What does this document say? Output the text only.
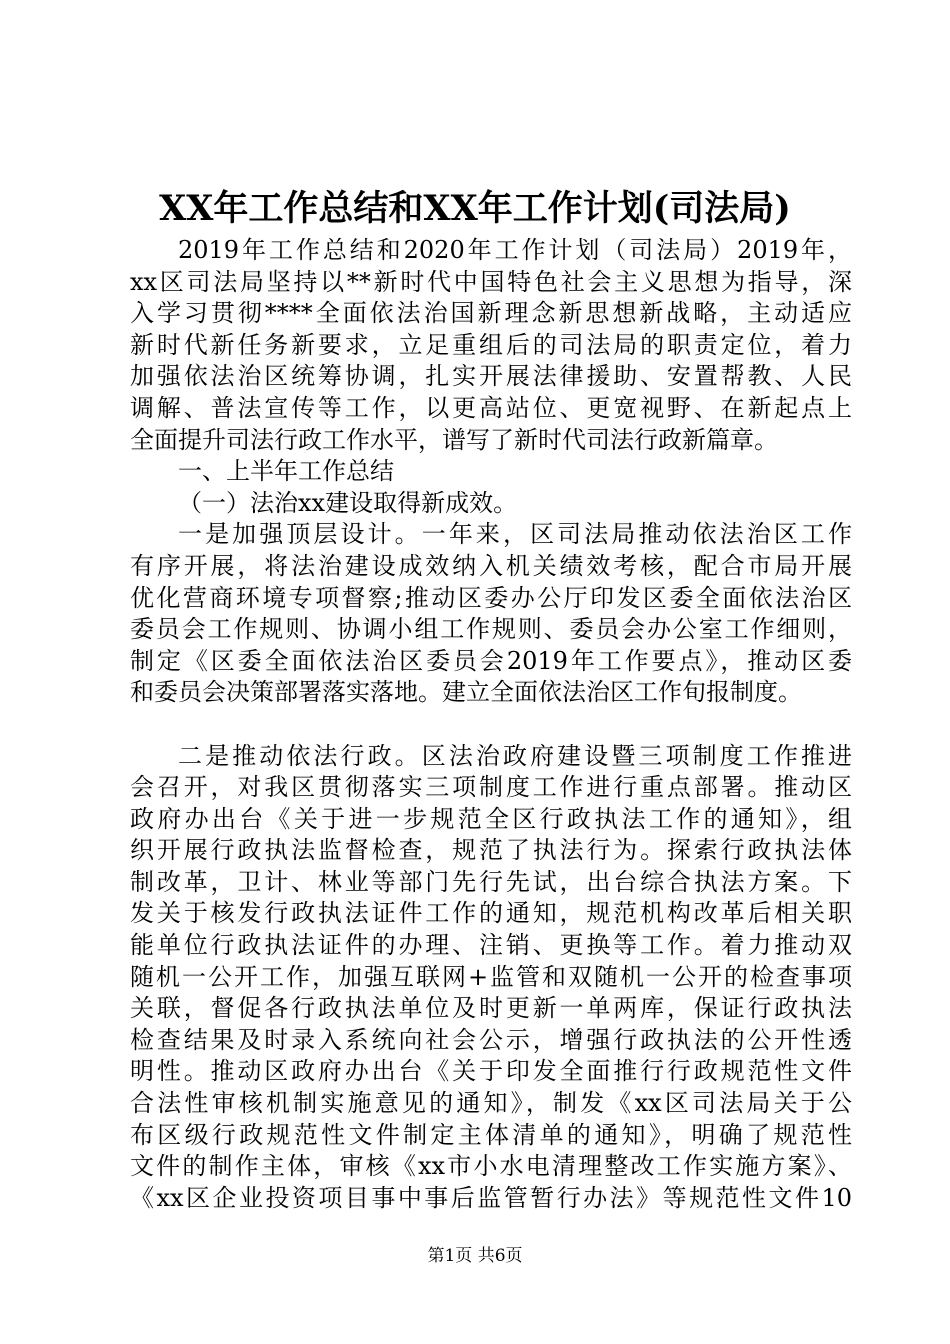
XX年工作总结和XX年工作计划(司法局)
2019年工作总结和2020年工作计划（司法局）2019年，
xx区司法局坚持以**新时代中国特色社会主义思想为指导，深
入学习贯彻****全面依法治国新理念新思想新战略，主动适应
新时代新任务新要求，立足重组后的司法局的职责定位，着力
加强依法治区统筹协调，扎实开展法律援助、安置帮教、人民
调解、普法宣传等工作，以更高站位、更宽视野、在新起点上
全面提升司法行政工作水平，谱写了新时代司法行政新篇章。
一、上半年工作总结
（一）法治xx建设取得新成效。
一是加强顶层设计。一年来，区司法局推动依法治区工作
有序开展，将法治建设成效纳入机关绩效考核，配合市局开展
优化营商环境专项督察;推动区委办公厅印发区委全面依法治区
委员会工作规则、协调小组工作规则、委员会办公室工作细则，
制定《区委全面依法治区委员会2019年工作要点》，推动区委
和委员会决策部署落实落地。建立全面依法治区工作旬报制度。
二是推动依法行政。区法治政府建设暨三项制度工作推进
会召开，对我区贯彻落实三项制度工作进行重点部署。推动区
政府办出台《关于进一步规范全区行政执法工作的通知》，组
织开展行政执法监督检查，规范了执法行为。探索行政执法体
制改革，卫计、林业等部门先行先试，出台综合执法方案。下
发关于核发行政执法证件工作的通知，规范机构改革后相关职
能单位行政执法证件的办理、注销、更换等工作。着力推动双
随机一公开工作，加强互联网+监管和双随机一公开的检查事项
关联，督促各行政执法单位及时更新一单两库，保证行政执法
检查结果及时录入系统向社会公示，增强行政执法的公开性透
明性。推动区政府办出台《关于印发全面推行行政规范性文件
合法性审核机制实施意见的通知》，制发《xx区司法局关于公
布区级行政规范性文件制定主体清单的通知》，明确了规范性
文件的制作主体，审核《xx市小水电清理整改工作实施方案》、
《xx区企业投资项目事中事后监管暂行办法》等规范性文件10
第1页 共6页
